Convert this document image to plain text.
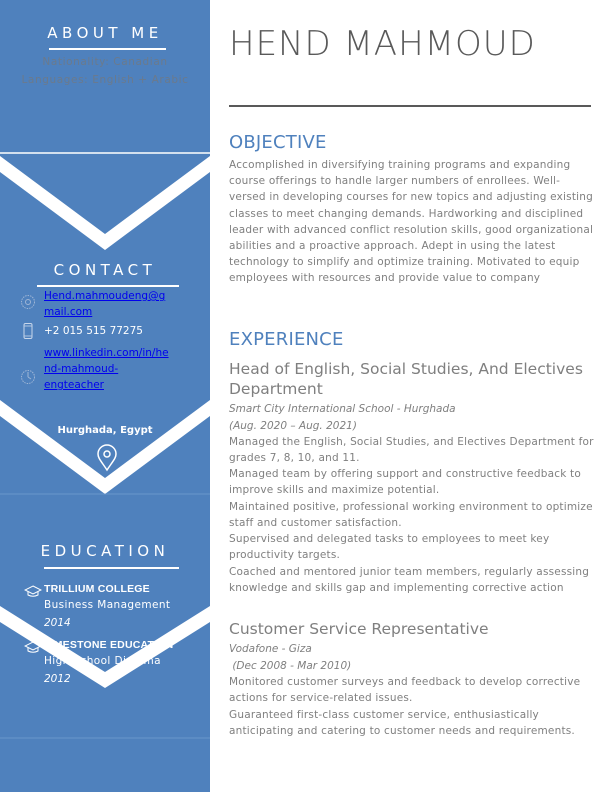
ABOUT ME
Nationality: Canadian
Languages: English + Arabic
CONTACT
Hend.mahmoudeng@g
mail.com
+2 015 515 77275
www.linkedin.com/in/he
nd-mahmoud-
engteacher
Hurghada, Egypt
EDUCATION
TRILLIUM COLLEGE
Business Management
2014
LIMESTONE EDUCATION
High School Diploma
2012
HEND MAHMOUD
OBJECTIVE
Accomplished in diversifying training programs and expanding course offerings to handle larger numbers of enrollees. Well-versed in developing courses for new topics and adjusting existing classes to meet changing demands. Hardworking and disciplined leader with advanced conflict resolution skills, good organizational abilities and a proactive approach. Adept in using the latest technology to simplify and optimize training. Motivated to equip employees with resources and provide value to company
EXPERIENCE
Head of English, Social Studies, And Electives Department
Smart City International School - Hurghada
(Aug. 2020 – Aug. 2021)
Managed the English, Social Studies, and Electives Department for grades 7, 8, 10, and 11.
Managed team by offering support and constructive feedback to improve skills and maximize potential.
Maintained positive, professional working environment to optimize staff and customer satisfaction.
Supervised and delegated tasks to employees to meet key productivity targets.
Coached and mentored junior team members, regularly assessing knowledge and skills gap and implementing corrective action
Customer Service Representative
Vodafone - Giza
(Dec 2008 - Mar 2010)
Monitored customer surveys and feedback to develop corrective actions for service-related issues.
Guaranteed first-class customer service, enthusiastically anticipating and catering to customer needs and requirements.
